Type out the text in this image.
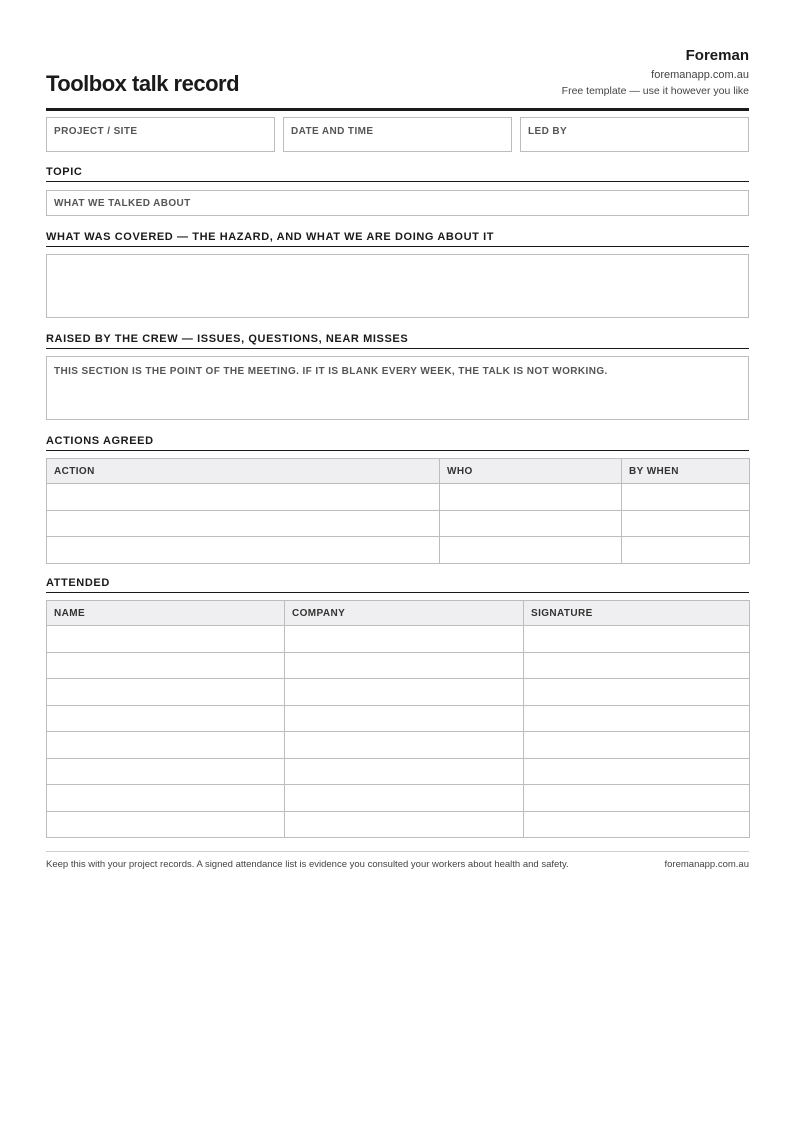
Toolbox talk record
Foreman
foremanapp.com.au
Free template — use it however you like
PROJECT / SITE	DATE AND TIME	LED BY
TOPIC
WHAT WE TALKED ABOUT
WHAT WAS COVERED — THE HAZARD, AND WHAT WE ARE DOING ABOUT IT
RAISED BY THE CREW — ISSUES, QUESTIONS, NEAR MISSES
THIS SECTION IS THE POINT OF THE MEETING. IF IT IS BLANK EVERY WEEK, THE TALK IS NOT WORKING.
ACTIONS AGREED
ACTION	WHO	BY WHEN

ATTENDED
NAME	COMPANY	SIGNATURE

Keep this with your project records. A signed attendance list is evidence you consulted your workers about health and safety.	foremanapp.com.au
